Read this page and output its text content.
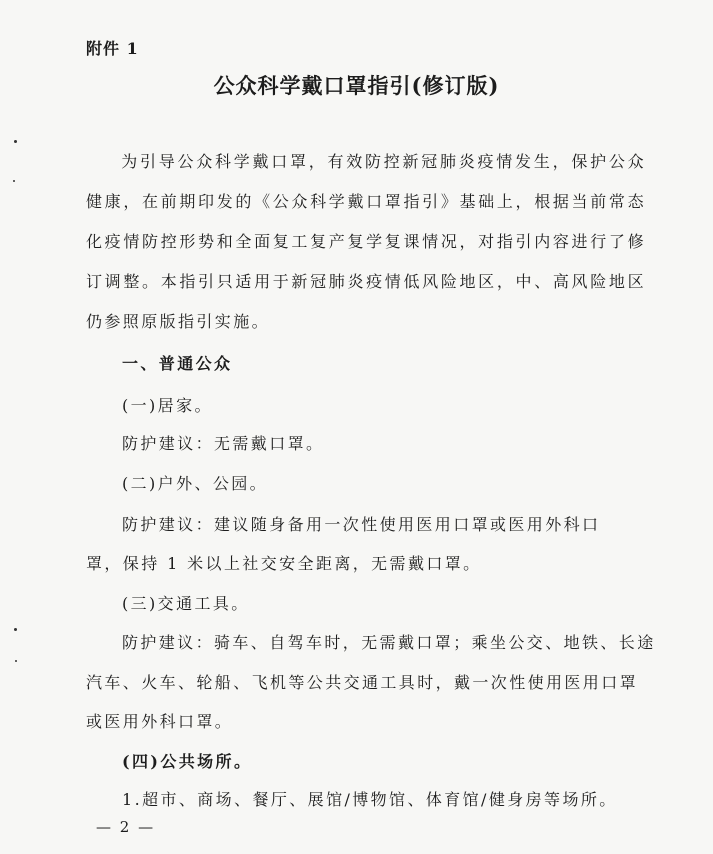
附件 1
公众科学戴口罩指引(修订版)
为引导公众科学戴口罩，有效防控新冠肺炎疫情发生，保护公众健康，在前期印发的《公众科学戴口罩指引》基础上，根据当前常态化疫情防控形势和全面复工复产复学复课情况，对指引内容进行了修订调整。本指引只适用于新冠肺炎疫情低风险地区，中、高风险地区仍参照原版指引实施。
一、普通公众
(一)居家。
防护建议：无需戴口罩。
(二)户外、公园。
防护建议：建议随身备用一次性使用医用口罩或医用外科口
罩，保持 1 米以上社交安全距离，无需戴口罩。
(三)交通工具。
防护建议：骑车、自驾车时，无需戴口罩；乘坐公交、地铁、长途
汽车、火车、轮船、飞机等公共交通工具时，戴一次性使用医用口罩
或医用外科口罩。
(四)公共场所。
1.超市、商场、餐厅、展馆/博物馆、体育馆/健身房等场所。
— 2 —
